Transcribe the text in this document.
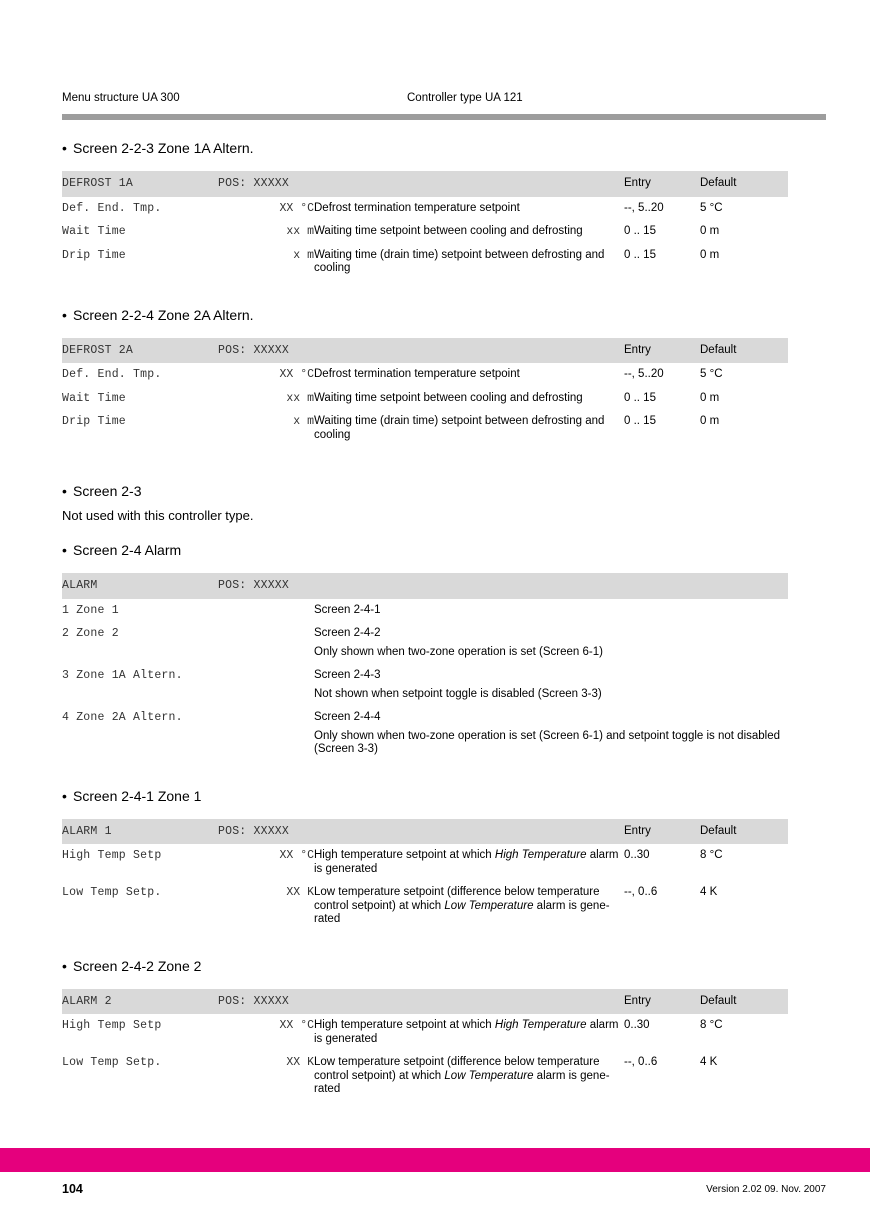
Menu structure UA 300	Controller type UA 121
• Screen 2-2-3 Zone 1A Altern.
DEFROST 1A	POS: XXXXX		Entry	Default
Def. End. Tmp.	XX °C	Defrost termination temperature setpoint	--, 5..20	5 °C
Wait Time	xx m	Waiting time setpoint between cooling and defrosting	0 .. 15	0 m
Drip Time	x m	Waiting time (drain time) setpoint between defrosting and cooling	0 .. 15	0 m
• Screen 2-2-4 Zone 2A Altern.
DEFROST 2A	POS: XXXXX		Entry	Default
Def. End. Tmp.	XX °C	Defrost termination temperature setpoint	--, 5..20	5 °C
Wait Time	xx m	Waiting time setpoint between cooling and defrosting	0 .. 15	0 m
Drip Time	x m	Waiting time (drain time) setpoint between defrosting and cooling	0 .. 15	0 m
• Screen 2-3
Not used with this controller type.
• Screen 2-4 Alarm
ALARM	POS: XXXXX	
1 Zone 1		Screen 2-4-1

2 Zone 2		Screen 2-4-2
Only shown when two-zone operation is set (Screen 6-1)

3 Zone 1A Altern.		Screen 2-4-3
Not shown when setpoint toggle is disabled (Screen 3-3)

4 Zone 2A Altern.		Screen 2-4-4
Only shown when two-zone operation is set (Screen 6-1) and setpoint toggle is not disabled (Screen 3-3)
• Screen 2-4-1 Zone 1
ALARM 1	POS: XXXXX		Entry	Default
High Temp Setp	XX °C	High temperature setpoint at which High Temperature alarm is generated	0..30	8 °C
Low Temp Setp.	XX K	Low temperature setpoint (difference below temperature control setpoint) at which Low Temperature alarm is gene-rated	--, 0..6	4 K
• Screen 2-4-2 Zone 2
ALARM 2	POS: XXXXX		Entry	Default
High Temp Setp	XX °C	High temperature setpoint at which High Temperature alarm is generated	0..30	8 °C
Low Temp Setp.	XX K	Low temperature setpoint (difference below temperature control setpoint) at which Low Temperature alarm is gene-rated	--, 0..6	4 K
104	Version 2.02 09. Nov. 2007
